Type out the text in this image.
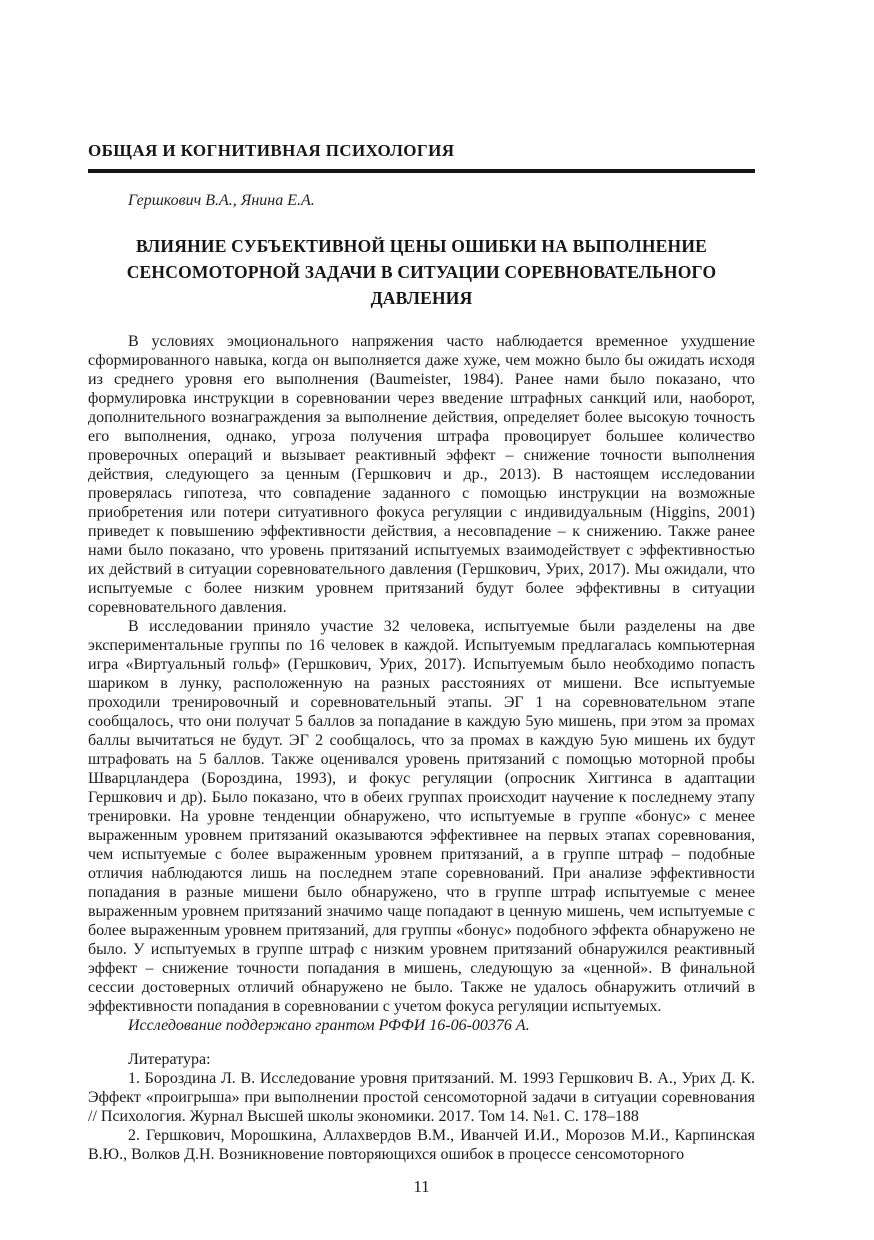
ОБЩАЯ И КОГНИТИВНАЯ ПСИХОЛОГИЯ
Гершкович В.А., Янина Е.А.
ВЛИЯНИЕ СУБЪЕКТИВНОЙ ЦЕНЫ ОШИБКИ НА ВЫПОЛНЕНИЕ СЕНСОМОТОРНОЙ ЗАДАЧИ В СИТУАЦИИ СОРЕВНОВАТЕЛЬНОГО ДАВЛЕНИЯ

В условиях эмоционального напряжения часто наблюдается временное ухудшение сформированного навыка, когда он выполняется даже хуже, чем можно было бы ожидать исходя из среднего уровня его выполнения (Baumeister, 1984). Ранее нами было показано, что формулировка инструкции в соревновании через введение штрафных санкций или, наоборот, дополнительного вознаграждения за выполнение действия, определяет более высокую точность его выполнения, однако, угроза получения штрафа провоцирует большее количество проверочных операций и вызывает реактивный эффект – снижение точности выполнения действия, следующего за ценным (Гершкович и др., 2013). В настоящем исследовании проверялась гипотеза, что совпадение заданного с помощью инструкции на возможные приобретения или потери ситуативного фокуса регуляции с индивидуальным (Higgins, 2001) приведет к повышению эффективности действия, а несовпадение – к снижению. Также ранее нами было показано, что уровень притязаний испытуемых взаимодействует с эффективностью их действий в ситуации соревновательного давления (Гершкович, Урих, 2017). Мы ожидали, что испытуемые с более низким уровнем притязаний будут более эффективны в ситуации соревновательного давления.

В исследовании приняло участие 32 человека, испытуемые были разделены на две экспериментальные группы по 16 человек в каждой. Испытуемым предлагалась компьютерная игра «Виртуальный гольф» (Гершкович, Урих, 2017). Испытуемым было необходимо попасть шариком в лунку, расположенную на разных расстояниях от мишени. Все испытуемые проходили тренировочный и соревновательный этапы. ЭГ 1 на соревновательном этапе сообщалось, что они получат 5 баллов за попадание в каждую 5ую мишень, при этом за промах баллы вычитаться не будут. ЭГ 2 сообщалось, что за промах в каждую 5ую мишень их будут штрафовать на 5 баллов. Также оценивался уровень притязаний с помощью моторной пробы Шварцландера (Бороздина, 1993), и фокус регуляции (опросник Хиггинса в адаптации Гершкович и др). Было показано, что в обеих группах происходит научение к последнему этапу тренировки. На уровне тенденции обнаружено, что испытуемые в группе «бонус» с менее выраженным уровнем притязаний оказываются эффективнее на первых этапах соревнования, чем испытуемые с более выраженным уровнем притязаний, а в группе штраф – подобные отличия наблюдаются лишь на последнем этапе соревнований. При анализе эффективности попадания в разные мишени было обнаружено, что в группе штраф испытуемые с менее выраженным уровнем притязаний значимо чаще попадают в ценную мишень, чем испытуемые с более выраженным уровнем притязаний, для группы «бонус» подобного эффекта обнаружено не было. У испытуемых в группе штраф с низким уровнем притязаний обнаружился реактивный эффект – снижение точности попадания в мишень, следующую за «ценной». В финальной сессии достоверных отличий обнаружено не было. Также не удалось обнаружить отличий в эффективности попадания в соревновании с учетом фокуса регуляции испытуемых.

Исследование поддержано грантом РФФИ 16-06-00376 А.

Литература:

1. Бороздина Л. В. Исследование уровня притязаний. М. 1993 Гершкович В. А., Урих Д. К. Эффект «проигрыша» при выполнении простой сенсомоторной задачи в ситуации соревнования // Психология. Журнал Высшей школы экономики. 2017. Том 14. №1. С. 178–188

2. Гершкович, Морошкина, Аллахвердов В.М., Иванчей И.И., Морозов М.И., Карпинская В.Ю., Волков Д.Н. Возникновение повторяющихся ошибок в процессе сенсомоторного

11
